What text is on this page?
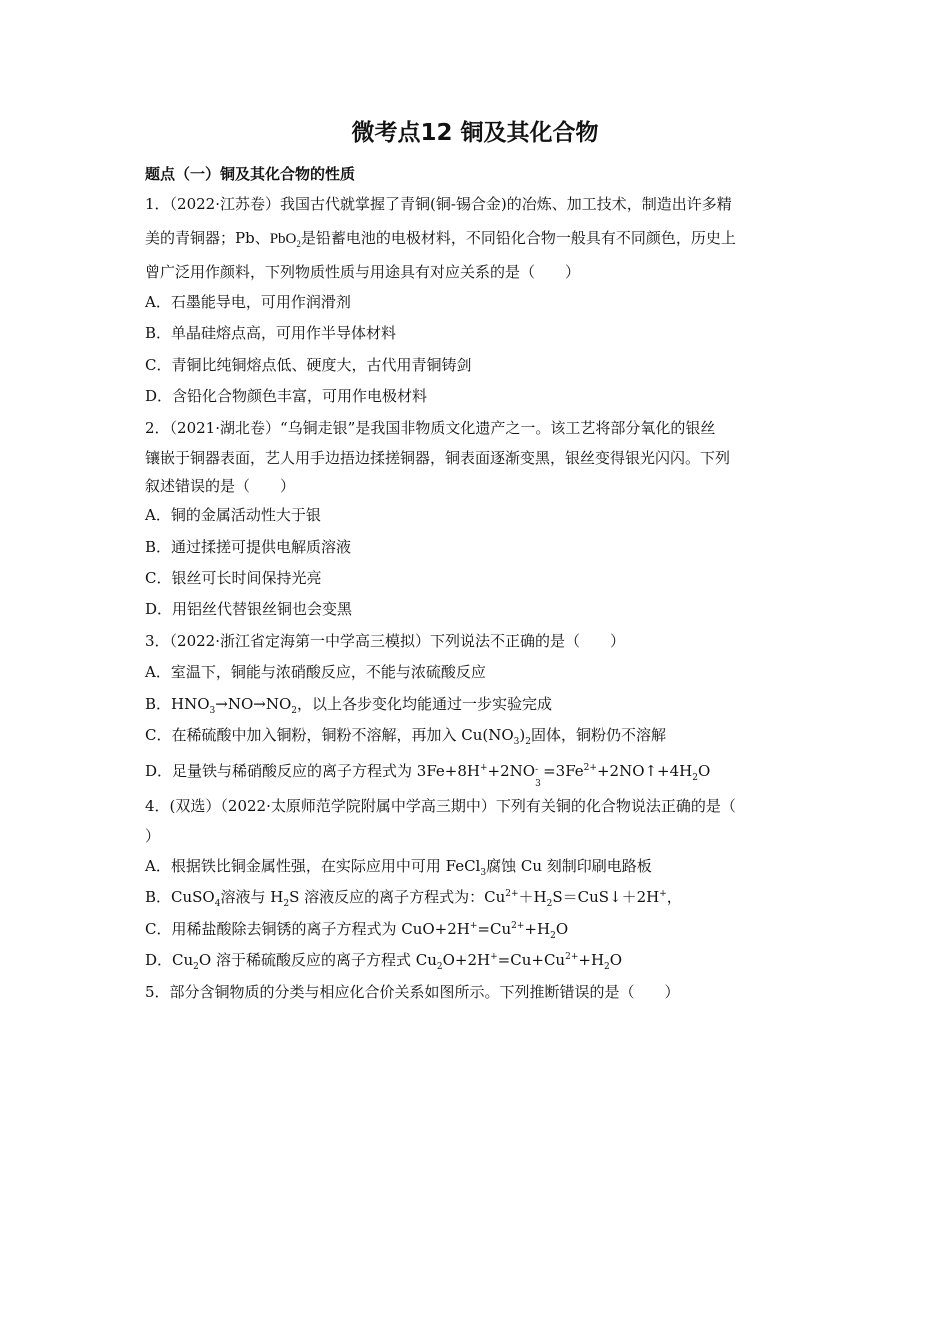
微考点12 铜及其化合物
题点（一）铜及其化合物的性质
1．（2022·江苏卷）我国古代就掌握了青铜(铜-锡合金)的冶炼、加工技术，制造出许多精
美的青铜器；Pb、PbO$_2$是铅蓄电池的电极材料，不同铅化合物一般具有不同颜色，历史上
曾广泛用作颜料，下列物质性质与用途具有对应关系的是（　　）
A．石墨能导电，可用作润滑剂
B．单晶硅熔点高，可用作半导体材料
C．青铜比纯铜熔点低、硬度大，古代用青铜铸剑
D．含铅化合物颜色丰富，可用作电极材料
2．（2021·湖北卷）“乌铜走银”是我国非物质文化遗产之一。该工艺将部分氧化的银丝
镶嵌于铜器表面，艺人用手边捂边揉搓铜器，铜表面逐渐变黑，银丝变得银光闪闪。下列
叙述错误的是（　　）
A．铜的金属活动性大于银
B．通过揉搓可提供电解质溶液
C．银丝可长时间保持光亮
D．用铝丝代替银丝铜也会变黑
3．（2022·浙江省定海第一中学高三模拟）下列说法不正确的是（　　）
A．室温下，铜能与浓硝酸反应，不能与浓硫酸反应
B．$HNO_3\to NO\to NO_2$，以上各步变化均能通过一步实验完成
C．在稀硫酸中加入铜粉，铜粉不溶解，再加入 $Cu(NO_3)_2$固体，铜粉仍不溶解
D．足量铁与稀硝酸反应的离子方程式为 3Fe+8H++2NO -
3
$=3Fe^{2+}+2NO↑+4H_2O$
4．(双选）（2022·太原师范学院附属中学高三期中）下列有关铜的化合物说法正确的是（
）
A．根据铁比铜金属性强，在实际应用中可用 FeCl$_3$腐蚀 Cu 刻制印刷电路板
B．CuSO$_4$溶液与 $H_2S$ 溶液反应的离子方程式为：$Cu^{2+}+H_2S=CuS↓+2H^+$，
C．用稀盐酸除去铜锈的离子方程式为 $CuO+2H^+=Cu^{2+}+H_2O$
D．$Cu_2O$ 溶于稀硫酸反应的离子方程式 $Cu_2O+2H^+=Cu+Cu^{2+}+H_2O$
5．部分含铜物质的分类与相应化合价关系如图所示。下列推断错误的是（　　）
